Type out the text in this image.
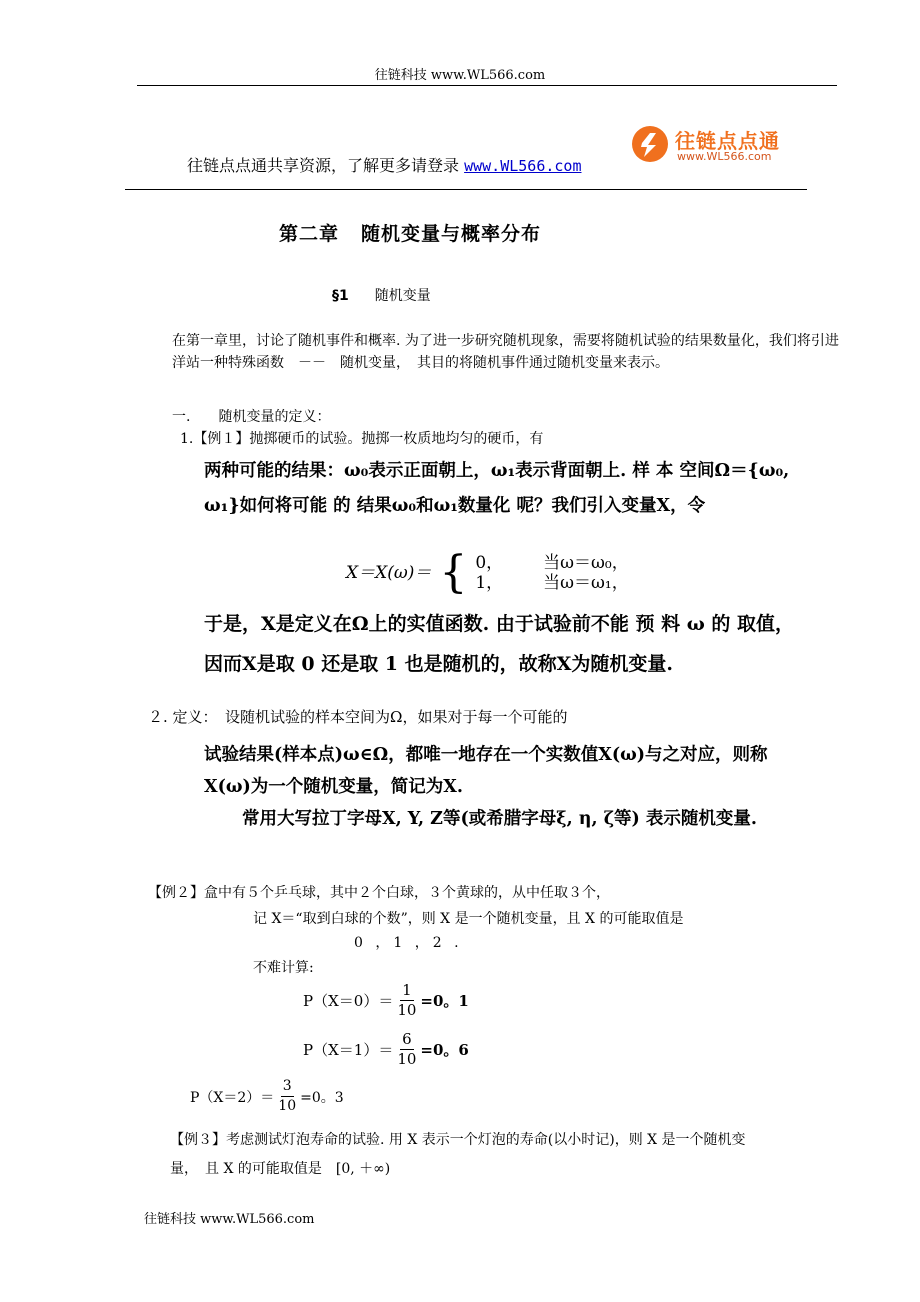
往链科技 www.WL566.com
往链点点通共享资源，了解更多请登录 www.WL566.com
往链点点通
www.WL566.com
第二章 随机变量与概率分布
§1 随机变量
在第一章里，讨论了随机事件和概率. 为了进一步研究随机现象，需要将随机试验的结果数量化，我们将引进洋站一种特殊函数　－－　随机变量，　其目的将随机事件通过随机变量来表示。
一.　　随机变量的定义：
1.【例１】抛掷硬币的试验。抛掷一枚质地均匀的硬币，有
两种可能的结果：ω₀表示正面朝上，ω₁表示背面朝上. 样 本 空间Ω＝{ω₀, ω₁}如何将可能 的 结果ω₀和ω₁数量化 呢？我们引入变量X，令
X＝X(ω)＝	{	0，	当ω＝ω₀，
		1，	当ω＝ω₁，
于是，X是定义在Ω上的实值函数. 由于试验前不能 预 料 ω 的 取值，因而X是取 0 还是取 1 也是随机的，故称X为随机变量.
２. 定义：　设随机试验的样本空间为Ω，如果对于每一个可能的
试验结果(样本点)ω∈Ω，都唯一地存在一个实数值X(ω)与之对应，则称X(ω)为一个随机变量，简记为X.
常用大写拉丁字母X, Y, Z等(或希腊字母ξ, η, ζ等) 表示随机变量.
【例２】盒中有５个乒乓球，其中２个白球，３个黄球的，从中任取３个，
记 X＝“取到白球的个数”，则 X 是一个随机变量，且 X 的可能取值是
0 ，1 ，2 .
不难计算:
$P(X=0)= \frac{1}{10} =0$。1
$P(X=1)= \frac{6}{10} =0$。6
$P(X=2)= \frac{3}{10} =0$。3
【例３】考虑测试灯泡寿命的试验. 用 X 表示一个灯泡的寿命(以小时记)，则 X 是一个随机变
量，　且 X 的可能取值是　[0, ＋∞)
往链科技 www.WL566.com
